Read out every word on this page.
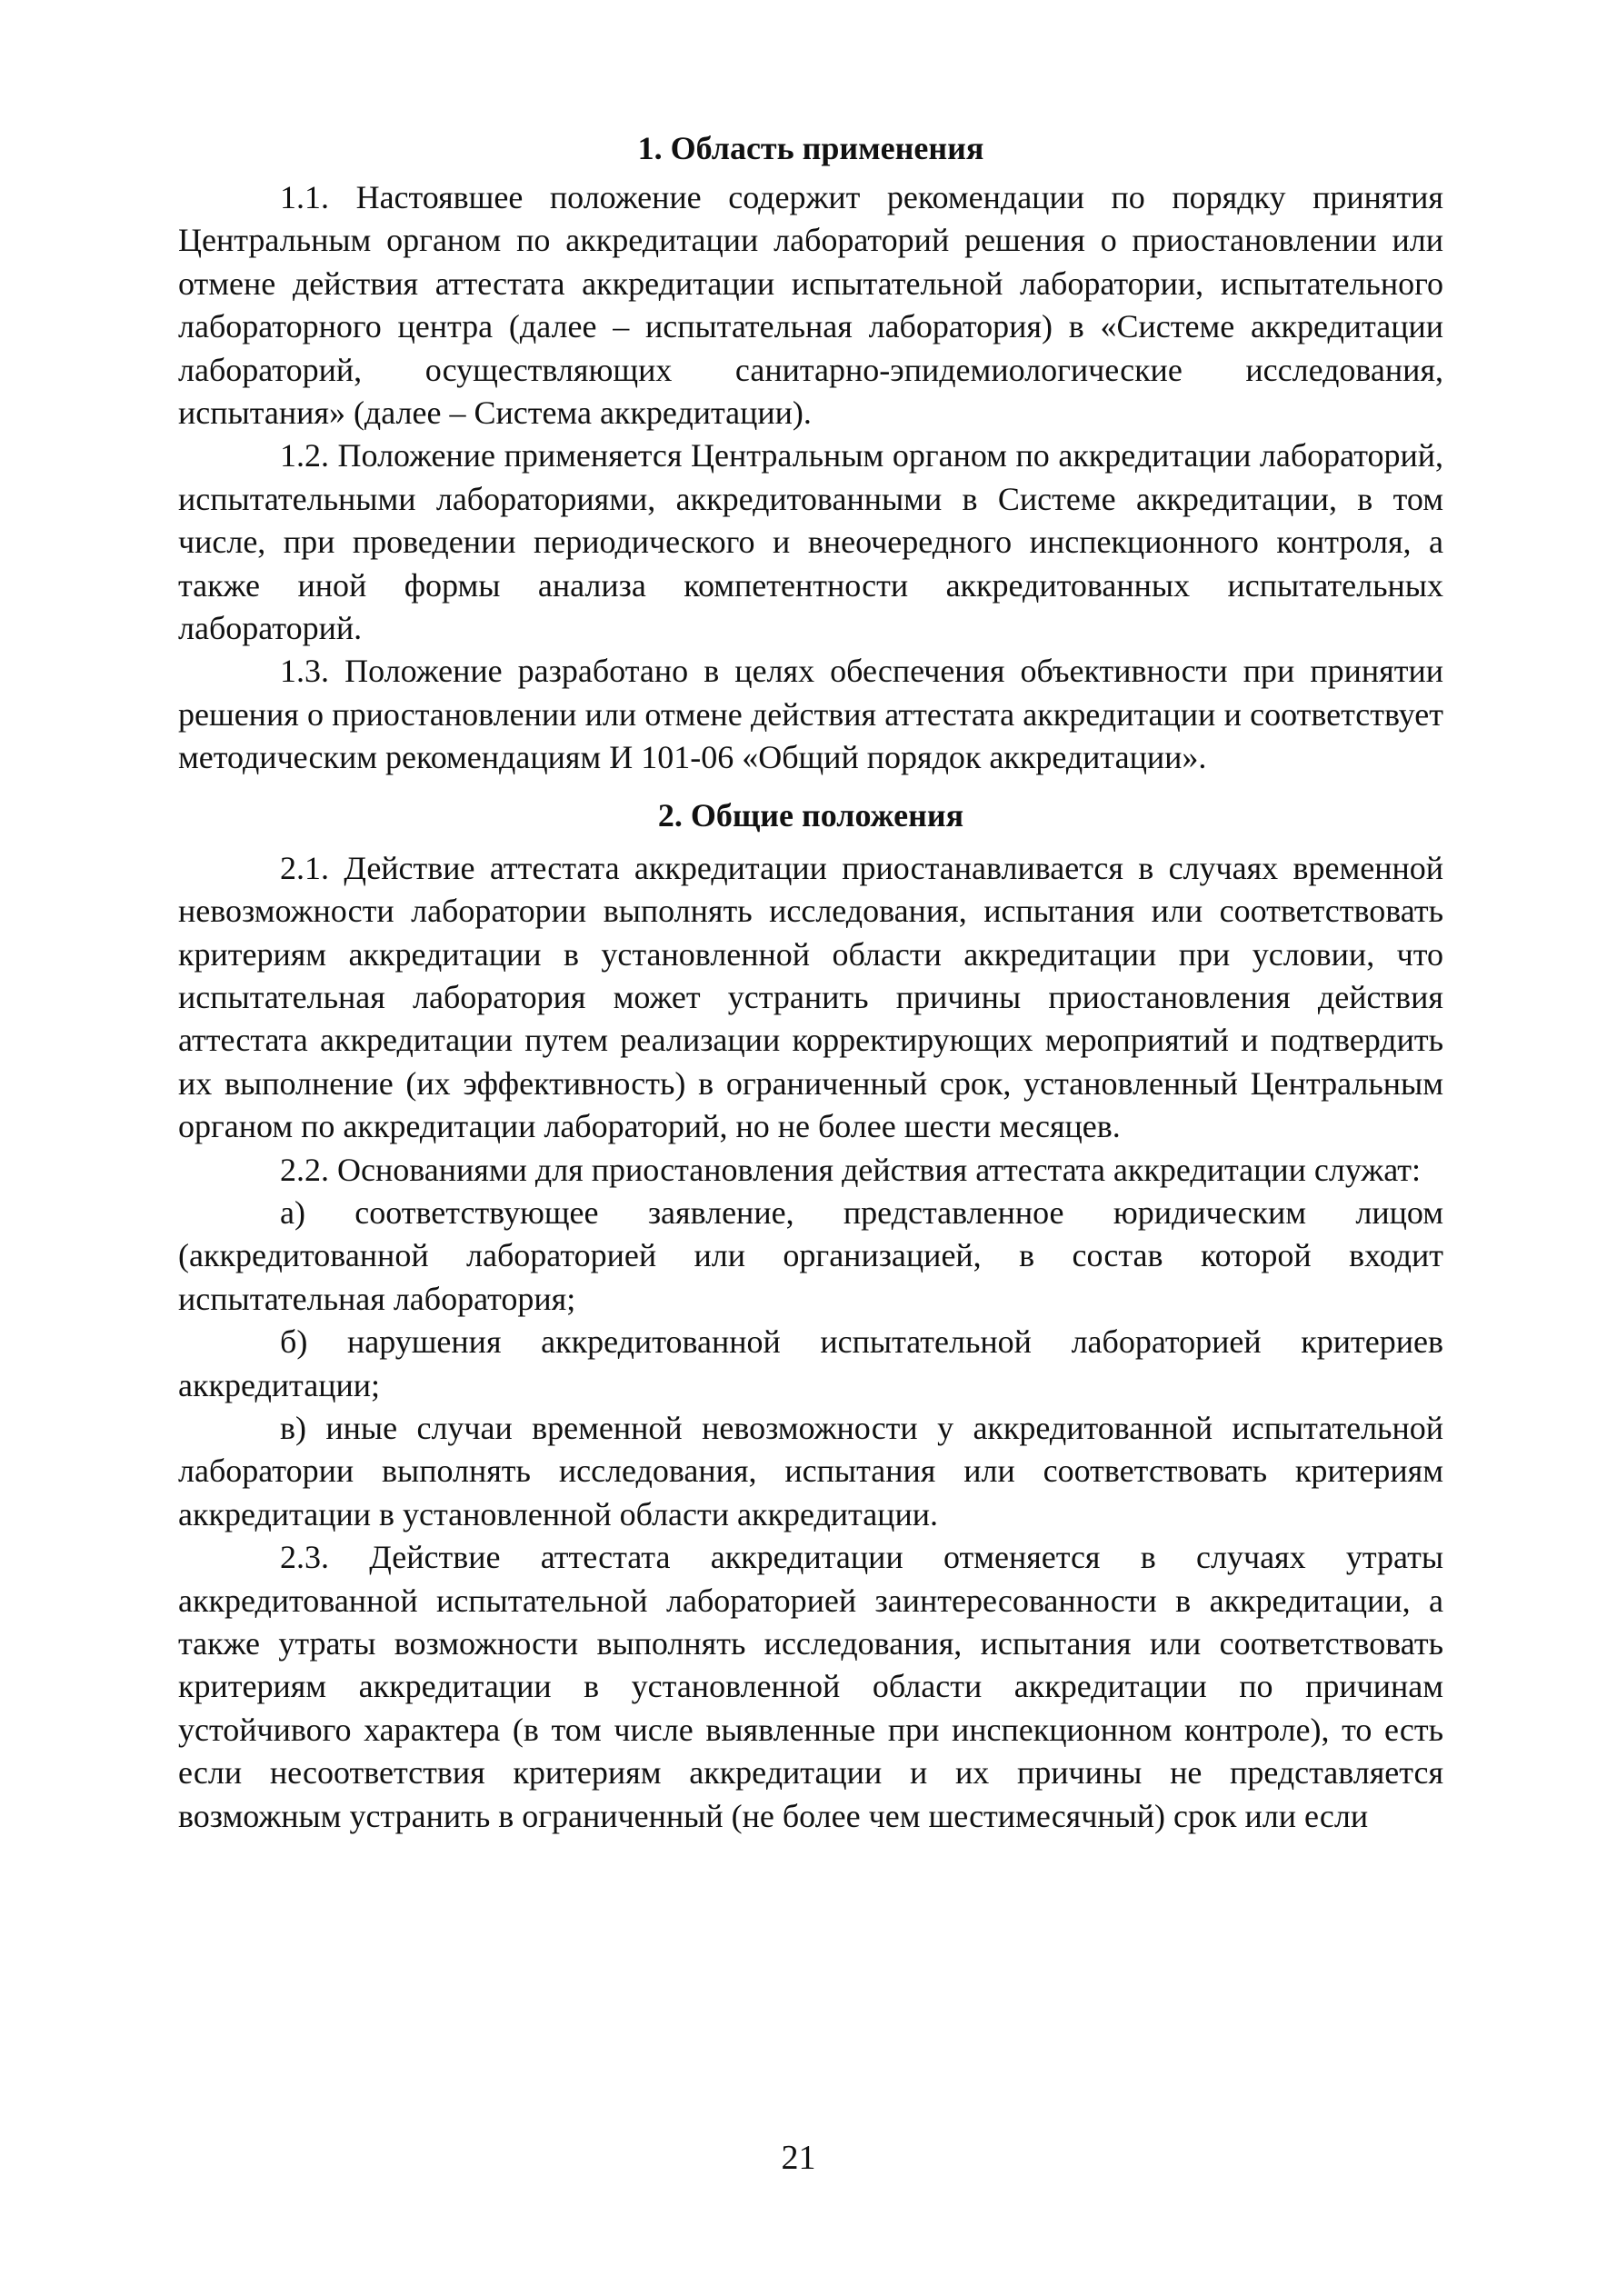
1. Область применения

1.1. Настоявшее положение содержит рекомендации по порядку принятия Центральным органом по аккредитации лабораторий решения о приостановлении или отмене действия аттестата аккредитации испытательной лаборатории, испытательного лабораторного центра (далее – испытательная лаборатория) в «Системе аккредитации лабораторий, осуществляющих санитарно-эпидемиологические исследования, испытания» (далее – Система аккредитации).

1.2. Положение применяется Центральным органом по аккредитации лабораторий, испытательными лабораториями, аккредитованными в Системе аккредитации, в том числе, при проведении периодического и внеочередного инспекционного контроля, а также иной формы анализа компетентности аккредитованных испытательных лабораторий.

1.3. Положение разработано в целях обеспечения объективности при принятии решения о приостановлении или отмене действия аттестата аккредитации и соответствует методическим рекомендациям И 101-06 «Общий порядок аккредитации».

2. Общие положения

2.1. Действие аттестата аккредитации приостанавливается в случаях временной невозможности лаборатории выполнять исследования, испытания или соответствовать критериям аккредитации в установленной области аккредитации при условии, что испытательная лаборатория может устранить причины приостановления действия аттестата аккредитации путем реализации корректирующих мероприятий и подтвердить их выполнение (их эффективность) в ограниченный срок, установленный Центральным органом по аккредитации лабораторий, но не более шести месяцев.

2.2. Основаниями для приостановления действия аттестата аккредитации служат:

а) соответствующее заявление, представленное юридическим лицом (аккредитованной лабораторией или организацией, в состав которой входит испытательная лаборатория;

б) нарушения аккредитованной испытательной лабораторией критериев аккредитации;

в) иные случаи временной невозможности у аккредитованной испытательной лаборатории выполнять исследования, испытания или соответствовать критериям аккредитации в установленной области аккредитации.

2.3. Действие аттестата аккредитации отменяется в случаях утраты аккредитованной испытательной лабораторией заинтересованности в аккредитации, а также утраты возможности выполнять исследования, испытания или соответствовать критериям аккредитации в установленной области аккредитации по причинам устойчивого характера (в том числе выявленные при инспекционном контроле), то есть если несоответствия критериям аккредитации и их причины не представляется возможным устранить в ограниченный (не более чем шестимесячный) срок или если

21
